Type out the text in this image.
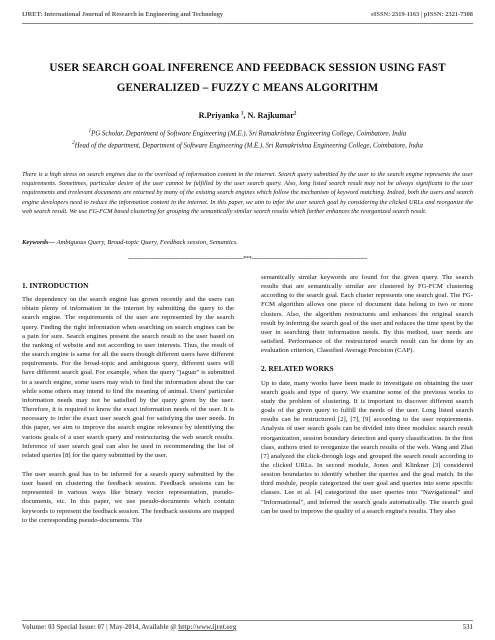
IJRET: International Journal of Research in Engineering and Technology	eISSN: 2319-1163 | pISSN: 2321-7308
USER SEARCH GOAL INFERENCE AND FEEDBACK SESSION USING FAST GENERALIZED – FUZZY C MEANS ALGORITHM
R.Priyanka $^1$, N. Rajkumar$^2$
$^1$PG Scholar, Department of Software Engineering (M.E.), Sri Ramakrishna Engineering College, Coimbatore, India
$^2$Head of the department, Department of Software Engineering (M.E.), Sri Ramakrishna Engineering College, Coimbatore, India
There is a high stress on search engines due to the overload of information content in the internet. Search query submitted by the user to the search engine represents the user requirements. Sometimes, particular desire of the user cannot be fulfilled by the user search query. Also, long listed search result may not be always significant to the user requirements and irrelevant documents are returned by many of the existing search engines which follow the mechanism of keyword matching. Indeed, both the users and search engine developers need to reduce the information content in the internet. In this paper, we aim to infer the user search goal by considering the clicked URLs and reorganize the web search result. We use FG-FCM based clustering for grouping the semantically similar search results which further enhances the reorganized search result.
Keywords— Ambiguous Query, Broad-topic Query, Feedback session, Semantics.
--------------------------------------------------------------------***--------------------------------------------------------------------
1. INTRODUCTION

The dependency on the search engine has grown recently and the users can obtain plenty of information in the internet by submitting the query to the search engine. The requirements of the user are represented by the search query. Finding the right information when searching on search engines can be a pain for sure. Search engines present the search result to the user based on the ranking of website and not according to user interests. Thus, the result of the search engine is same for all the users though different users have different requirements. For the broad-topic and ambiguous query, different users will have different search goal. For example, when the query "jaguar" is submitted to a search engine, some users may wish to find the information about the car while some others may intend to find the meaning of animal. Users' particular information needs may not be satisfied by the query given by the user. Therefore, it is required to know the exact information needs of the user. It is necessary to infer the exact user search goal for satisfying the user needs. In this paper, we aim to improve the search engine relevance by identifying the various goals of a user search query and restructuring the web search results. Inference of user search goal can also be used in recommending the list of related queries [8] for the query submitted by the user.

The user search goal has to be inferred for a search query submitted by the user based on clustering the feedback session. Feedback sessions can be represented in various ways like binary vector representation, pseudo-documents, etc. In this paper, we use pseudo-documents which contain keywords to represent the feedback session. The feedback sessions are mapped to the corresponding pseudo-documents. The

semantically similar keywords are found for the given query. The search results that are semantically similar are clustered by FG-FCM clustering according to the search goal. Each cluster represents one search goal. The FG-FCM algorithm allows one piece of document data belong to two or more clusters. Also, the algorithm restructures and enhances the original search result by inferring the search goal of the user and reduces the time spent by the user in searching their information needs. By this method, user needs are satisfied. Performance of the restructured search result can be done by an evaluation criterion, Classified Average Precision (CAP).

2. RELATED WORKS

Up to date, many works have been made to investigate on obtaining the user search goals and type of query. We examine some of the previous works to study the problem of clustering. It is important to discover different search goals of the given query to fulfill the needs of the user. Long listed search results can be restructured [2], [7], [9] according to the user requirements. Analysis of user search goals can be divided into three modules: search result reorganization, session boundary detection and query classification. In the first class, authors tried to reorganize the search results of the web. Wang and Zhai [7] analyzed the click-through logs and grouped the search result according to the clicked URLs. In second module, Jones and Klinkner [3] considered session boundaries to identify whether the queries and the goal match. In the third module, people categorized the user goal and queries into some specific classes. Lee et al. [4] categorized the user queries into "Navigational" and "Informational", and inferred the search goals automatically. The search goal can be used to improve the quality of a search engine's results. They also

Volume: 03 Special Issue: 07 | May-2014, Available @ http://www.ijret.org	531
